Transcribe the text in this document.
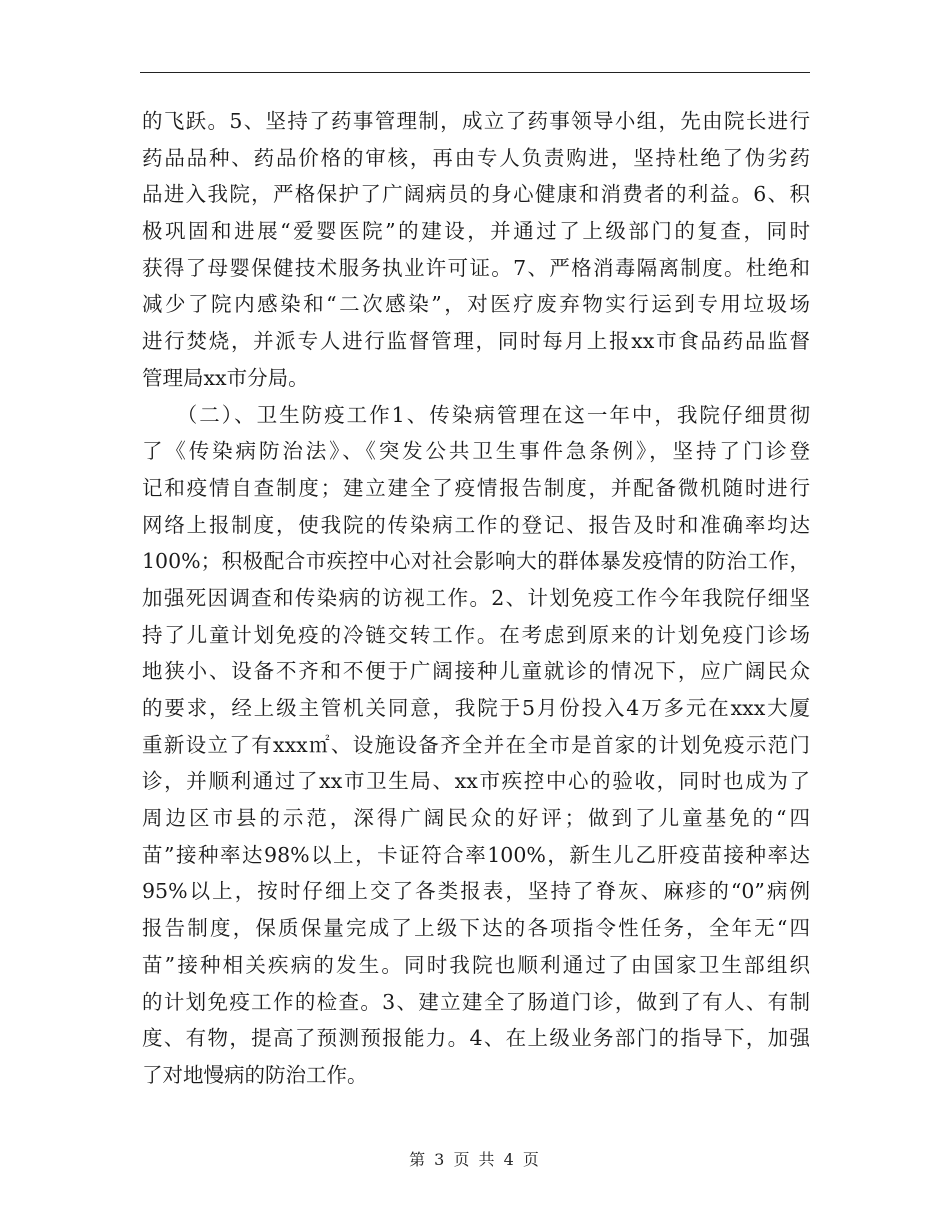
的飞跃。5、坚持了药事管理制，成立了药事领导小组，先由院长进行
药品品种、药品价格的审核，再由专人负责购进，坚持杜绝了伪劣药
品进入我院，严格保护了广阔病员的身心健康和消费者的利益。6、积
极巩固和进展“爱婴医院”的建设，并通过了上级部门的复查，同时
获得了母婴保健技术服务执业许可证。7、严格消毒隔离制度。杜绝和
减少了院内感染和“二次感染”，对医疗废弃物实行运到专用垃圾场
进行焚烧，并派专人进行监督管理，同时每月上报xx市食品药品监督
管理局xx市分局。
　　（二）、卫生防疫工作1、传染病管理在这一年中，我院仔细贯彻
了《传染病防治法》、《突发公共卫生事件急条例》，坚持了门诊登
记和疫情自查制度；建立建全了疫情报告制度，并配备微机随时进行
网络上报制度，使我院的传染病工作的登记、报告及时和准确率均达
100%；积极配合市疾控中心对社会影响大的群体暴发疫情的防治工作，
加强死因调查和传染病的访视工作。2、计划免疫工作今年我院仔细坚
持了儿童计划免疫的冷链交转工作。在考虑到原来的计划免疫门诊场
地狭小、设备不齐和不便于广阔接种儿童就诊的情况下，应广阔民众
的要求，经上级主管机关同意，我院于5月份投入4万多元在xxx大厦
重新设立了有xxx㎡、设施设备齐全并在全市是首家的计划免疫示范门
诊，并顺利通过了xx市卫生局、xx市疾控中心的验收，同时也成为了
周边区市县的示范，深得广阔民众的好评；做到了儿童基免的“四
苗”接种率达98%以上，卡证符合率100%，新生儿乙肝疫苗接种率达
95%以上，按时仔细上交了各类报表，坚持了脊灰、麻疹的“0”病例
报告制度，保质保量完成了上级下达的各项指令性任务，全年无“四
苗”接种相关疾病的发生。同时我院也顺利通过了由国家卫生部组织
的计划免疫工作的检查。3、建立建全了肠道门诊，做到了有人、有制
度、有物，提高了预测预报能力。4、在上级业务部门的指导下，加强
了对地慢病的防治工作。
第 3 页 共 4 页
